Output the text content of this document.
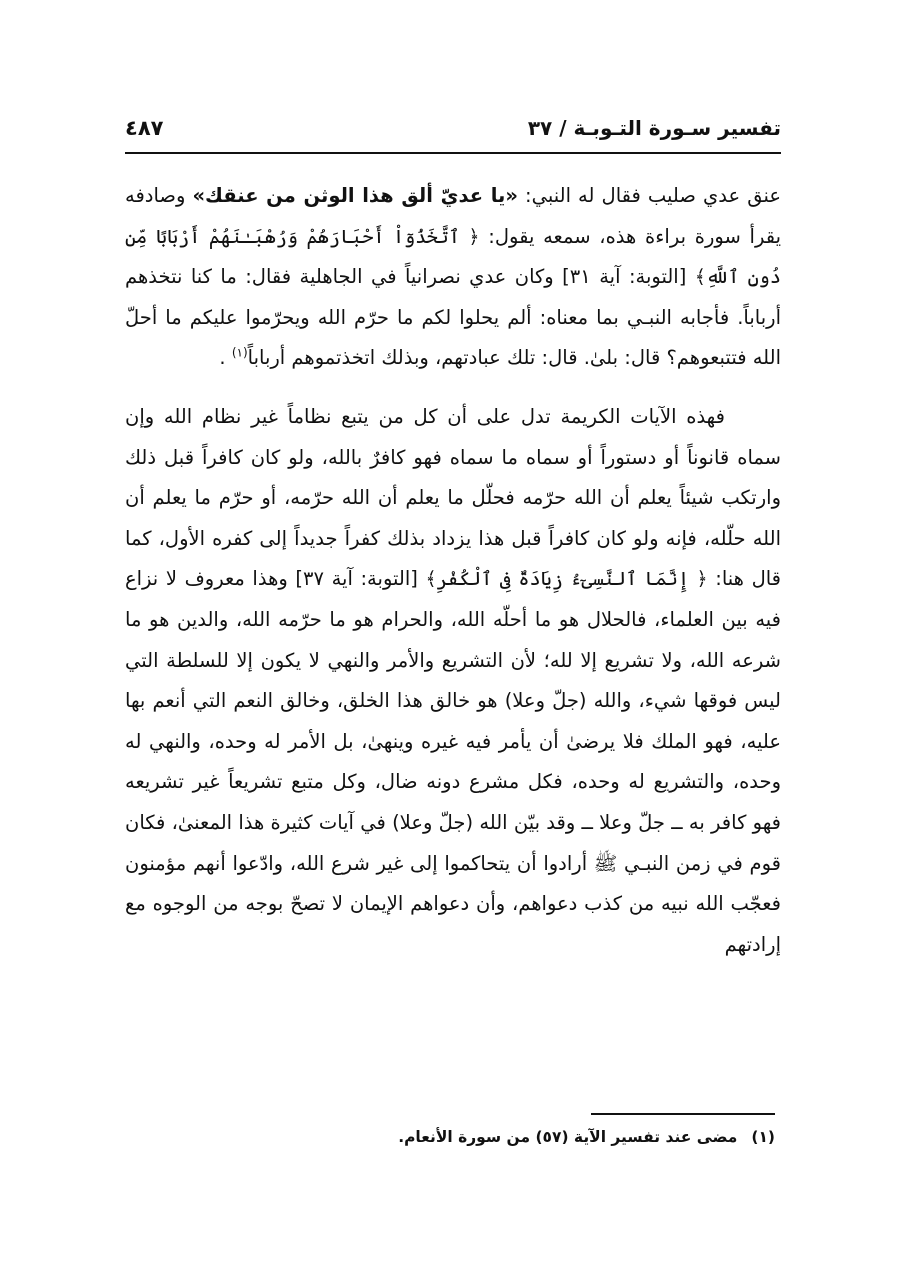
تفسير سـورة التـوبـة / ٣٧
٤٨٧

عنق عدي صليب فقال له النبي: «يا عديّ ألق هذا الوثن من عنقك» وصادفه يقرأ سورة براءة هذه، سمعه يقول: ﴿ ٱتَّخَذُوٓاْ أَحْبَارَهُمْ وَرُهْبَـٰنَهُمْ أَرْبَابًا مِّن دُونِ ٱللَّهِ﴾ [التوبة: آية ٣١] وكان عدي نصرانياً في الجاهلية فقال: ما كنا نتخذهم أرباباً. فأجابه النبـي بما معناه: ألم يحلوا لكم ما حرّم الله ويحرّموا عليكم ما أحلّ الله فتتبعوهم؟ قال: بلىٰ. قال: تلك عبادتهم، وبذلك اتخذتموهم أرباباً$^{(١)}$ .

فهذه الآيات الكريمة تدل على أن كل من يتبع نظاماً غير نظام الله وإن سماه قانوناً أو دستوراً أو سماه ما سماه فهو كافرٌ بالله، ولو كان كافراً قبل ذلك وارتكب شيئاً يعلم أن الله حرّمه فحلّل ما يعلم أن الله حرّمه، أو حرّم ما يعلم أن الله حلّله، فإنه ولو كان كافراً قبل هذا يزداد بذلك كفراً جديداً إلى كفره الأول، كما قال هنا: ﴿ إِنَّمَا ٱلنَّسِىٓءُ زِيَادَةٌ فِى ٱلْكُفْرِ﴾ [التوبة: آية ٣٧] وهذا معروف لا نزاع فيه بين العلماء، فالحلال هو ما أحلّه الله، والحرام هو ما حرّمه الله، والدين هو ما شرعه الله، ولا تشريع إلا لله؛ لأن التشريع والأمر والنهي لا يكون إلا للسلطة التي ليس فوقها شيء، والله (جلّ وعلا) هو خالق هذا الخلق، وخالق النعم التي أنعم بها عليه، فهو الملك فلا يرضىٰ أن يأمر فيه غيره وينهىٰ، بل الأمر له وحده، والنهي له وحده، والتشريع له وحده، فكل مشرع دونه ضال، وكل متبع تشريعاً غير تشريعه فهو كافر به ــ جلّ وعلا ــ وقد بيّن الله (جلّ وعلا) في آيات كثيرة هذا المعنىٰ، فكان قوم في زمن النبـي ﷺ أرادوا أن يتحاكموا إلى غير شرع الله، وادّعوا أنهم مؤمنون فعجّب الله نبيه من كذب دعواهم، وأن دعواهم الإيمان لا تصحّ بوجه من الوجوه مع إرادتهم

(١)مضى عند تفسير الآية (٥٧) من سورة الأنعام.
